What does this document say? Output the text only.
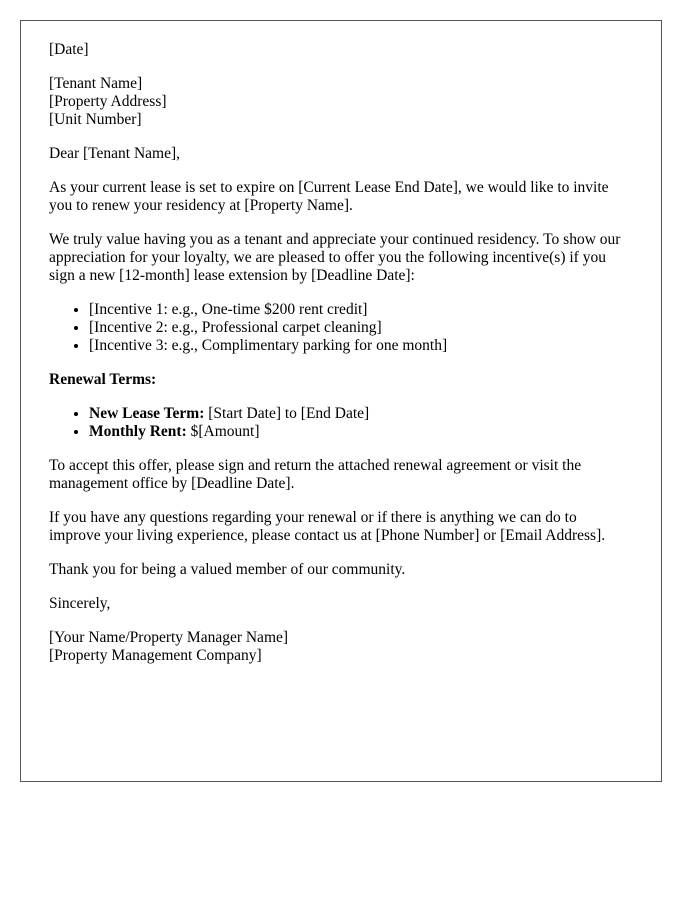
[Date]

[Tenant Name]

[Property Address]

[Unit Number]

Dear [Tenant Name],

As your current lease is set to expire on [Current Lease End Date], we would like to invite you to renew your residency at [Property Name].

We truly value having you as a tenant and appreciate your continued residency. To show our appreciation for your loyalty, we are pleased to offer you the following incentive(s) if you sign a new [12-month] lease extension by [Deadline Date]:

• [Incentive 1: e.g., One-time $200 rent credit]
• [Incentive 2: e.g., Professional carpet cleaning]
• [Incentive 3: e.g., Complimentary parking for one month]

Renewal Terms:

• New Lease Term: [Start Date] to [End Date]
• Monthly Rent: $[Amount]

To accept this offer, please sign and return the attached renewal agreement or visit the management office by [Deadline Date].

If you have any questions regarding your renewal or if there is anything we can do to improve your living experience, please contact us at [Phone Number] or [Email Address].

Thank you for being a valued member of our community.

Sincerely,

[Your Name/Property Manager Name]

[Property Management Company]
